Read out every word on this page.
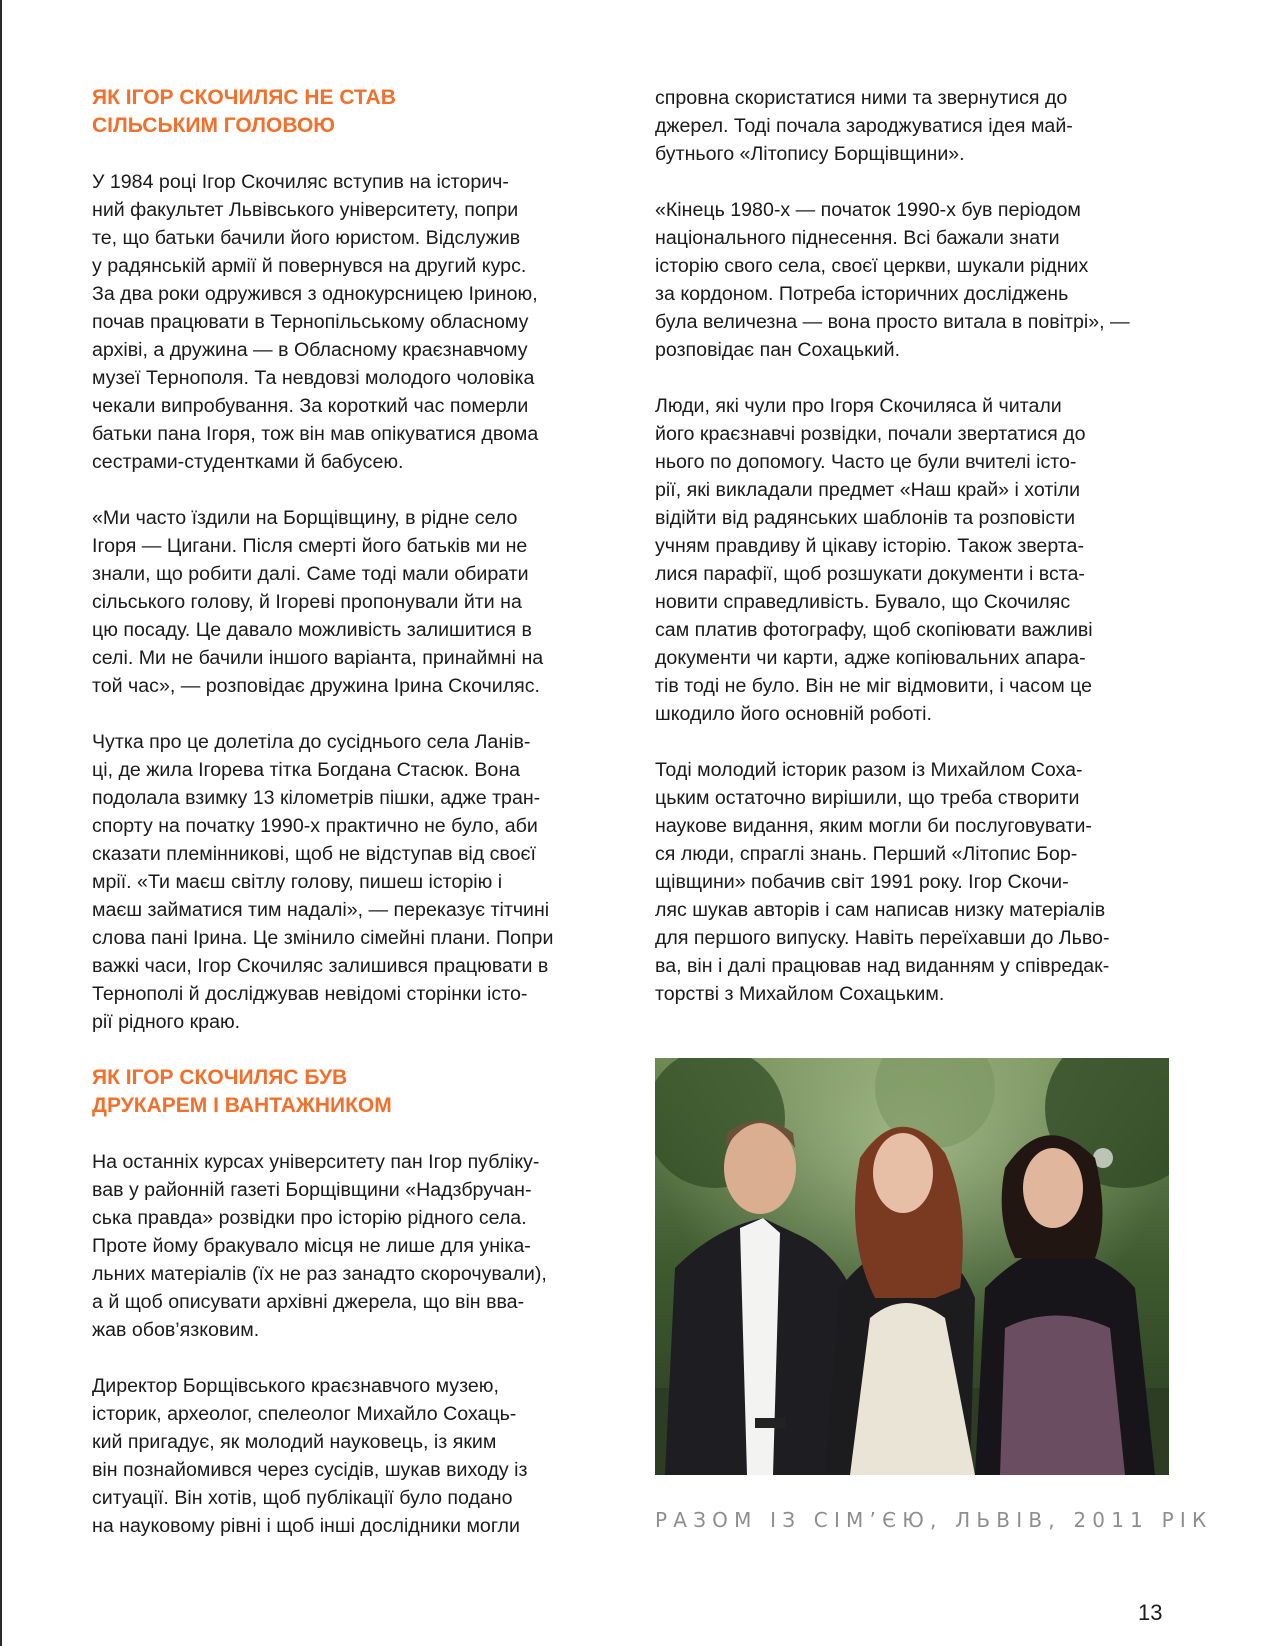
ЯК ІГОР СКОЧИЛЯС НЕ СТАВ
СІЛЬСЬКИМ ГОЛОВОЮ

У 1984 році Ігор Скочиляс вступив на історич-
ний факультет Львівського університету, попри
те, що батьки бачили його юристом. Відслужив
у радянській армії й повернувся на другий курс.
За два роки одружився з однокурсницею Іриною,
почав працювати в Тернопільському обласному
архіві, а дружина — в Обласному краєзнавчому
музеї Тернополя. Та невдовзі молодого чоловіка
чекали випробування. За короткий час померли
батьки пана Ігоря, тож він мав опікуватися двома
сестрами-студентками й бабусею.

«Ми часто їздили на Борщівщину, в рідне село
Ігоря — Цигани. Після смерті його батьків ми не
знали, що робити далі. Саме тоді мали обирати
сільського голову, й Ігореві пропонували йти на
цю посаду. Це давало можливість залишитися в
селі. Ми не бачили іншого варіанта, принаймні на
той час», — розповідає дружина Ірина Скочиляс.

Чутка про це долетіла до сусіднього села Ланів-
ці, де жила Ігорева тітка Богдана Стасюк. Вона
подолала взимку 13 кілометрів пішки, адже тран-
спорту на початку 1990-х практично не було, аби
сказати племінникові, щоб не відступав від своєї
мрії. «Ти маєш світлу голову, пишеш історію і
маєш займатися тим надалі», — переказує тітчині
слова пані Ірина. Це змінило сімейні плани. Попри
важкі часи, Ігор Скочиляс залишився працювати в
Тернополі й досліджував невідомі сторінки істо-
рії рідного краю.

ЯК ІГОР СКОЧИЛЯС БУВ
ДРУКАРЕМ І ВАНТАЖНИКОМ

На останніх курсах університету пан Ігор публіку-
вав у районній газеті Борщівщини «Надзбручан-
ська правда» розвідки про історію рідного села.
Проте йому бракувало місця не лише для уніка-
льних матеріалів (їх не раз занадто скорочували),
а й щоб описувати архівні джерела, що він вва-
жав обов’язковим.

Директор Борщівського краєзнавчого музею,
історик, археолог, спелеолог Михайло Сохаць-
кий пригадує, як молодий науковець, із яким
він познайомився через сусідів, шукав виходу із
ситуації. Він хотів, щоб публікації було подано
на науковому рівні і щоб інші дослідники могли

спровна скористатися ними та звернутися до
джерел. Тоді почала зароджуватися ідея май-
бутнього «Літопису Борщівщини».

«Кінець 1980-х — початок 1990-х був періодом
національного піднесення. Всі бажали знати
історію свого села, своєї церкви, шукали рідних
за кордоном. Потреба історичних досліджень
була величезна — вона просто витала в повітрі», —
розповідає пан Сохацький.

Люди, які чули про Ігоря Скочиляса й читали
його краєзнавчі розвідки, почали звертатися до
нього по допомогу. Часто це були вчителі істо-
рії, які викладали предмет «Наш край» і хотіли
відійти від радянських шаблонів та розповісти
учням правдиву й цікаву історію. Також зверта-
лися парафії, щоб розшукати документи і вста-
новити справедливість. Бувало, що Скочиляс
сам платив фотографу, щоб скопіювати важливі
документи чи карти, адже копіювальних апара-
тів тоді не було. Він не міг відмовити, і часом це
шкодило його основній роботі.

Тоді молодий історик разом із Михайлом Соха-
цьким остаточно вирішили, що треба створити
наукове видання, яким могли би послуговувати-
ся люди, спраглі знань. Перший «Літопис Бор-
щівщини» побачив світ 1991 року. Ігор Скочи-
ляс шукав авторів і сам написав низку матеріалів
для першого випуску. Навіть переїхавши до Льво-
ва, він і далі працював над виданням у співредак-
торстві з Михайлом Сохацьким.

РАЗОМ ІЗ СІМ’ЄЮ, ЛЬВІВ, 2011 РІК
13
